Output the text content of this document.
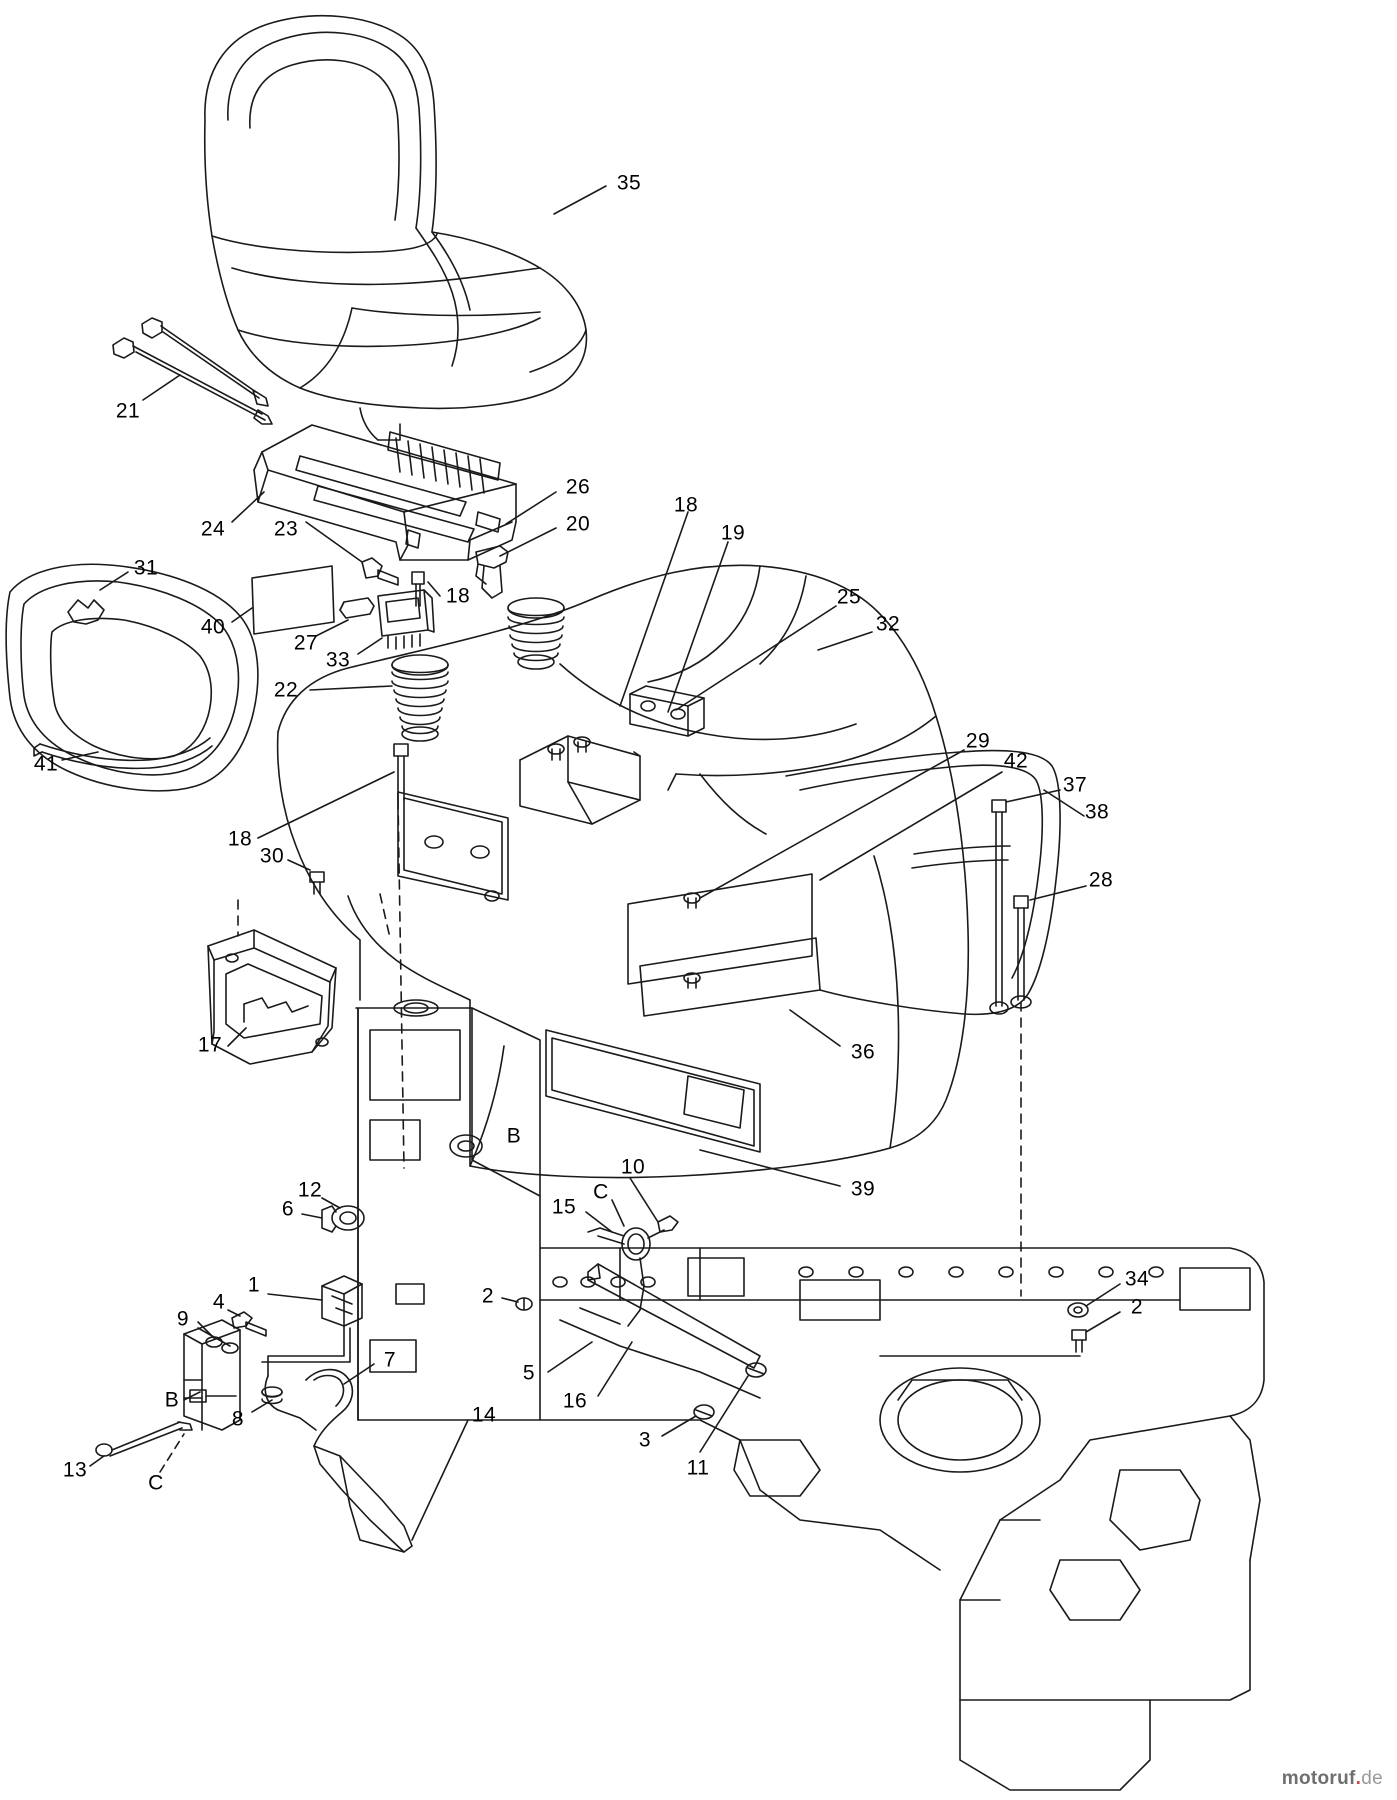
35
21
24 23
26
20
18
19
31
40
18
27
33
25
32
22
41
29
42
37
38
18
30
28
17	36
B
39
10
C
12
6	15
34
2
1
4
9
2
7
5
16
B
8	14
3
11
13
C
motoruf.de
